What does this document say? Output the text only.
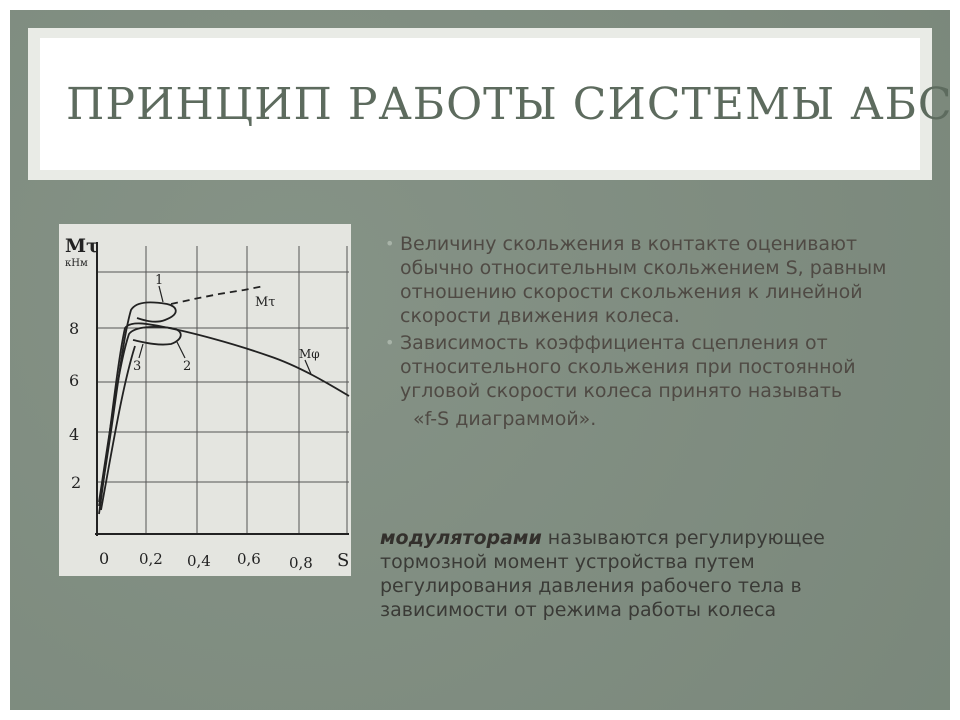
ПРИНЦИП РАБОТЫ СИСТЕМЫ АБС
Mτ
кНм
8
6
4
2
0 0,2 0,4 0,6 0,8 S
1
2
3
Mτ
Mφ
• Величину скольжения в контакте оценивают обычно относительным скольжением S, равным отношению скорости скольжения к линейной скорости движения колеса.
• Зависимость коэффициента сцепления от относительного скольжения при постоянной угловой скорости колеса принято называть
«f-S диаграммой».
модуляторами называются регулирующее тормозной момент устройства путем регулирования давления рабочего тела в зависимости от режима работы колеса
